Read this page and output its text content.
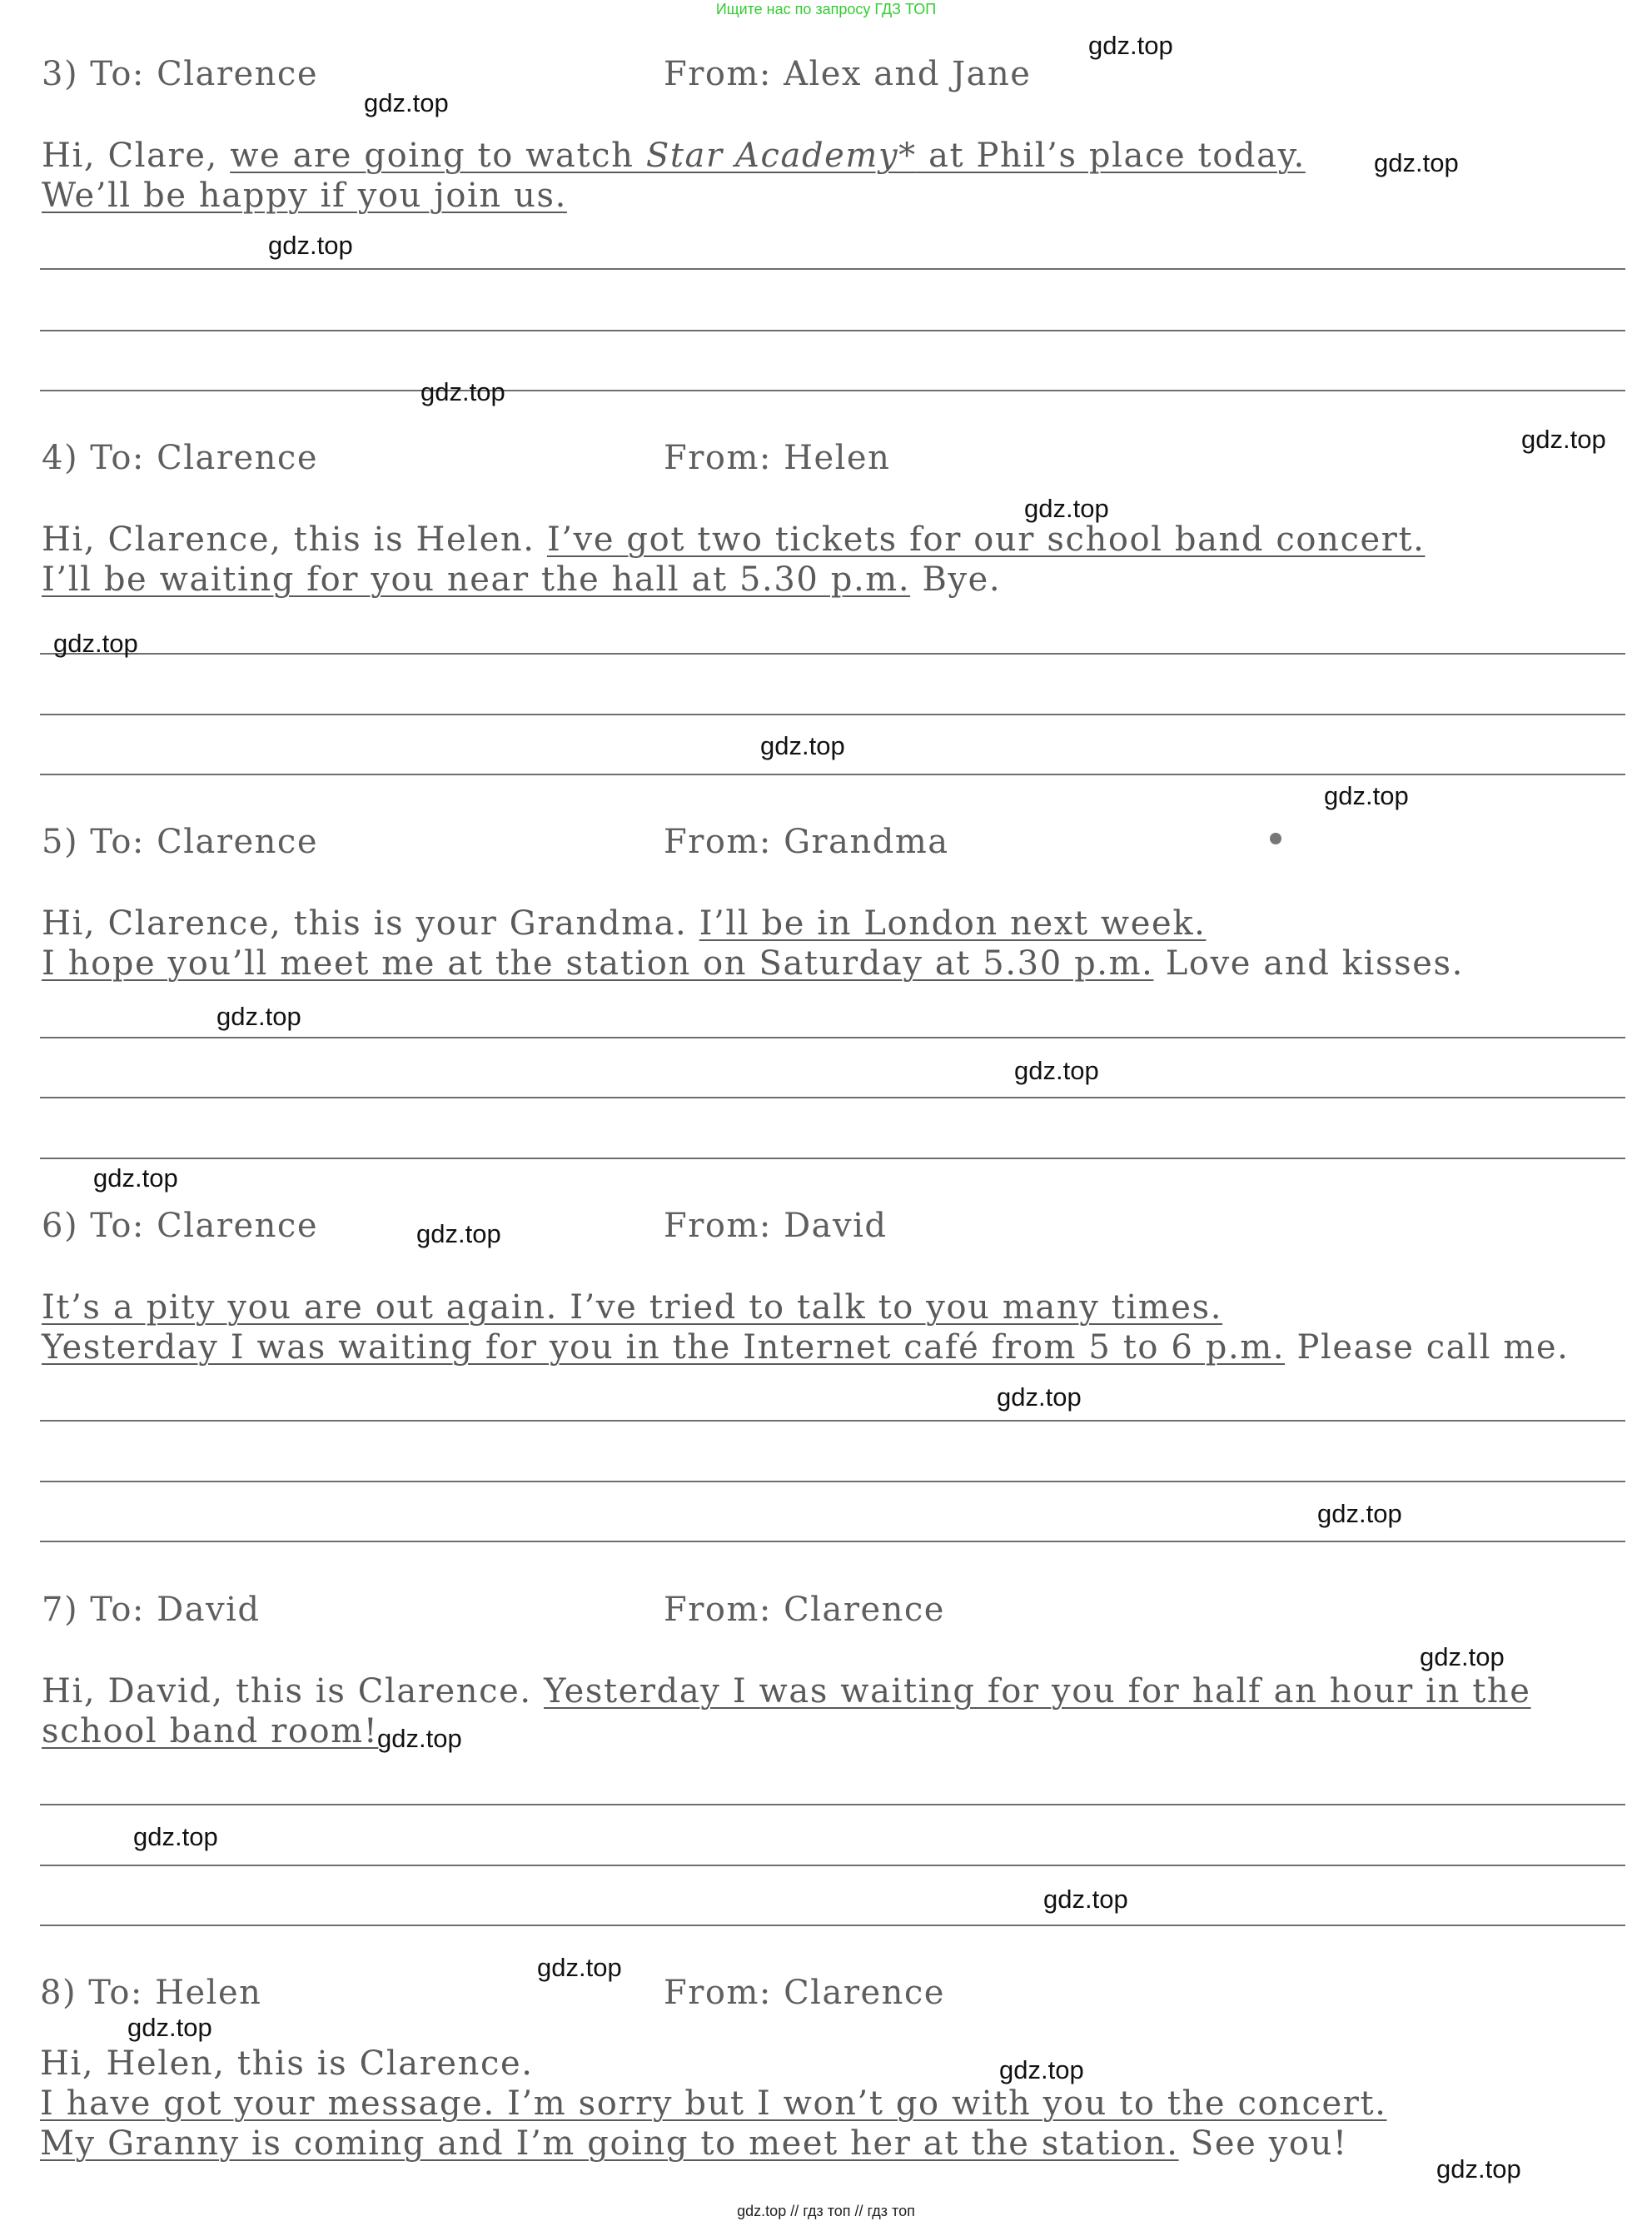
Ищите нас по запросу ГДЗ ТОП
3) To: Clarence	From: Alex and Jane
Hi, Clare, we are going to watch Star Academy* at Phil’s place today.
We’ll be happy if you join us.
4) To: Clarence	From: Helen
Hi, Clarence, this is Helen. I’ve got two tickets for our school band concert.
I’ll be waiting for you near the hall at 5.30 p.m. Bye.
5) To: Clarence	From: Grandma
Hi, Clarence, this is your Grandma. I’ll be in London next week.
I hope you’ll meet me at the station on Saturday at 5.30 p.m. Love and kisses.
6) To: Clarence	From: David
It’s a pity you are out again. I’ve tried to talk to you many times.
Yesterday I was waiting for you in the Internet café from 5 to 6 p.m. Please call me.
7) To: David	From: Clarence
Hi, David, this is Clarence. Yesterday I was waiting for you for half an hour in the
school band room!
8) To: Helen	From: Clarence
Hi, Helen, this is Clarence.
I have got your message. I’m sorry but I won’t go with you to the concert.
My Granny is coming and I’m going to meet her at the station. See you!
gdz.top
gdz.top
gdz.top
gdz.top
gdz.top
gdz.top
gdz.top
gdz.top
gdz.top
gdz.top
gdz.top
gdz.top
gdz.top
gdz.top
gdz.top
gdz.top
gdz.top
gdz.top
gdz.top
gdz.top
gdz.top
gdz.top
gdz.top
gdz.top
gdz.top // гдз топ // гдз топ
